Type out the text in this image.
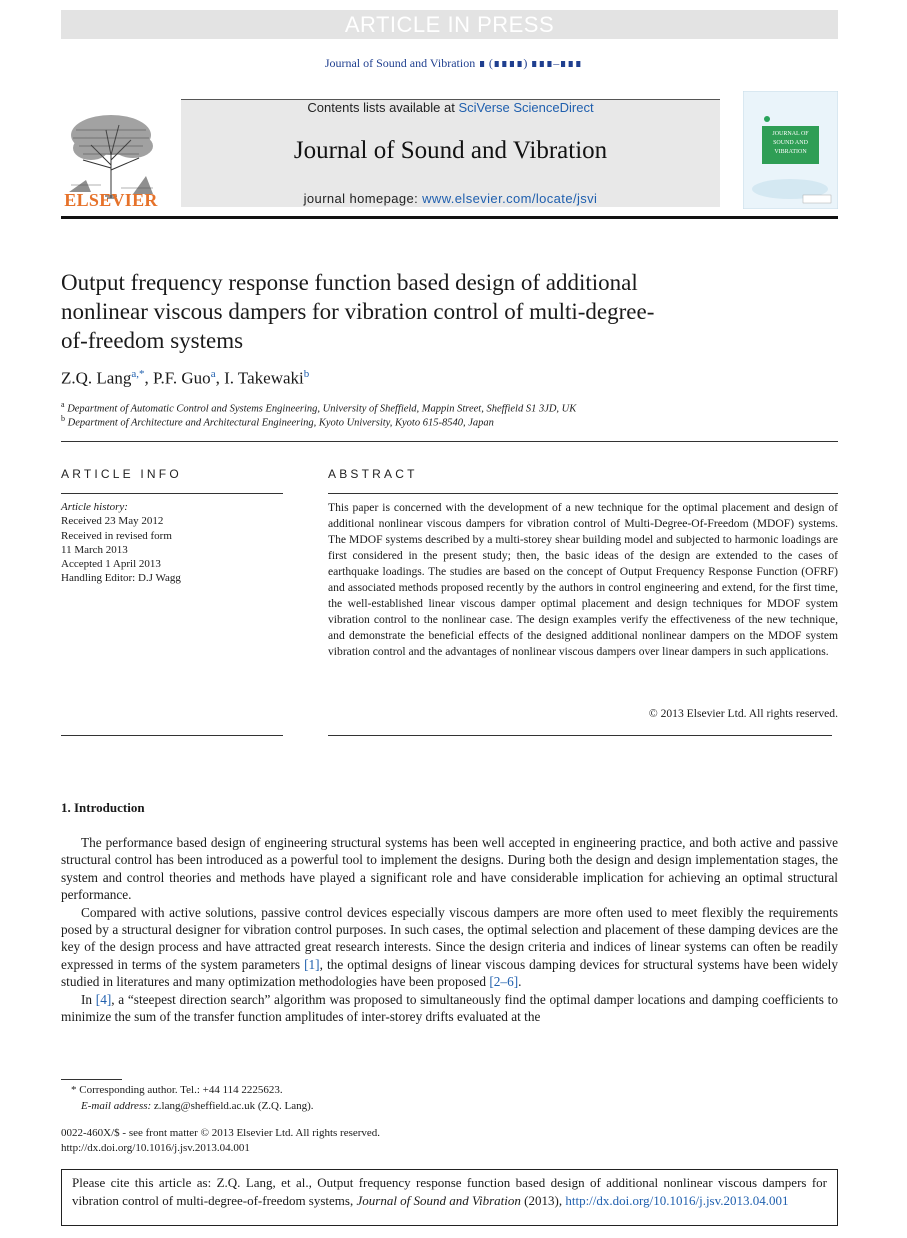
ARTICLE IN PRESS
Journal of Sound and Vibration ∎ (∎∎∎∎) ∎∎∎–∎∎∎
ELSEVIER
Contents lists available at SciVerse ScienceDirect
Journal of Sound and Vibration
journal homepage: www.elsevier.com/locate/jsvi
JOURNAL OF
SOUND AND
VIBRATION
Output frequency response function based design of additional nonlinear viscous dampers for vibration control of multi-degree-of-freedom systems
Z.Q. Lang$^{a,*}$, P.F. Guo$^a$, I. Takewaki$^b$
$^a$ Department of Automatic Control and Systems Engineering, University of Sheffield, Mappin Street, Sheffield S1 3JD, UK
$^b$ Department of Architecture and Architectural Engineering, Kyoto University, Kyoto 615-8540, Japan
ARTICLE INFO	ABSTRACT
Article history:
Received 23 May 2012
Received in revised form
11 March 2013
Accepted 1 April 2013
Handling Editor: D.J Wagg
This paper is concerned with the development of a new technique for the optimal placement and design of additional nonlinear viscous dampers for vibration control of Multi-Degree-Of-Freedom (MDOF) systems. The MDOF systems described by a multi-storey shear building model and subjected to harmonic loadings are first considered in the present study; then, the basic ideas of the design are extended to the cases of earthquake loadings. The studies are based on the concept of Output Frequency Response Function (OFRF) and associated methods proposed recently by the authors in control engineering and extend, for the first time, the well-established linear viscous damper optimal placement and design techniques for MDOF system vibration control to the nonlinear case. The design examples verify the effectiveness of the new technique, and demonstrate the beneficial effects of the designed additional nonlinear dampers on the MDOF system vibration control and the advantages of nonlinear viscous dampers over linear dampers in such applications.
© 2013 Elsevier Ltd. All rights reserved.
1. Introduction

The performance based design of engineering structural systems has been well accepted in engineering practice, and both active and passive structural control has been introduced as a powerful tool to implement the designs. During both the design and design implementation stages, the system and control theories and methods have played a significant role and have considerable implication for achieving an optimal structural performance.

Compared with active solutions, passive control devices especially viscous dampers are more often used to meet flexibly the requirements posed by a structural designer for vibration control purposes. In such cases, the optimal selection and placement of these damping devices are the key of the design process and have attracted great research interests. Since the design criteria and indices of linear systems can often be readily expressed in terms of the system parameters [1], the optimal designs of linear viscous damping devices for structural systems have been widely studied in literatures and many optimization methodologies have been proposed [2–6].

In [4], a “steepest direction search” algorithm was proposed to simultaneously find the optimal damper locations and damping coefficients to minimize the sum of the transfer function amplitudes of inter-storey drifts evaluated at the

* Corresponding author. Tel.: +44 114 2225623.
E-mail address: z.lang@sheffield.ac.uk (Z.Q. Lang).
0022-460X/$ - see front matter © 2013 Elsevier Ltd. All rights reserved.
http://dx.doi.org/10.1016/j.jsv.2013.04.001
Please cite this article as: Z.Q. Lang, et al., Output frequency response function based design of additional nonlinear viscous dampers for vibration control of multi-degree-of-freedom systems, Journal of Sound and Vibration (2013), http://dx.doi.org/10.1016/j.jsv.2013.04.001
